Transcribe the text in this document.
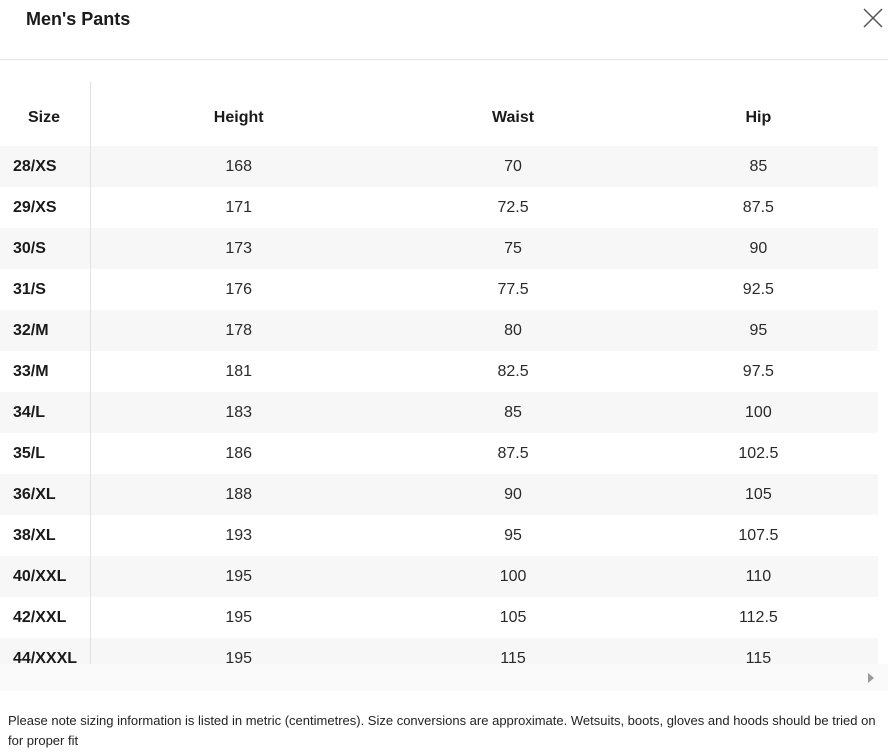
Men's Pants
Size	Height	Waist	Hip
28/XS	168	70	85
29/XS	171	72.5	87.5
30/S	173	75	90
31/S	176	77.5	92.5
32/M	178	80	95
33/M	181	82.5	97.5
34/L	183	85	100
35/L	186	87.5	102.5
36/XL	188	90	105
38/XL	193	95	107.5
40/XXL	195	100	110
42/XXL	195	105	112.5
44/XXXL	195	115	115
Please note sizing information is listed in metric (centimetres). Size conversions are approximate. Wetsuits, boots, gloves and hoods should be tried on for proper fit
